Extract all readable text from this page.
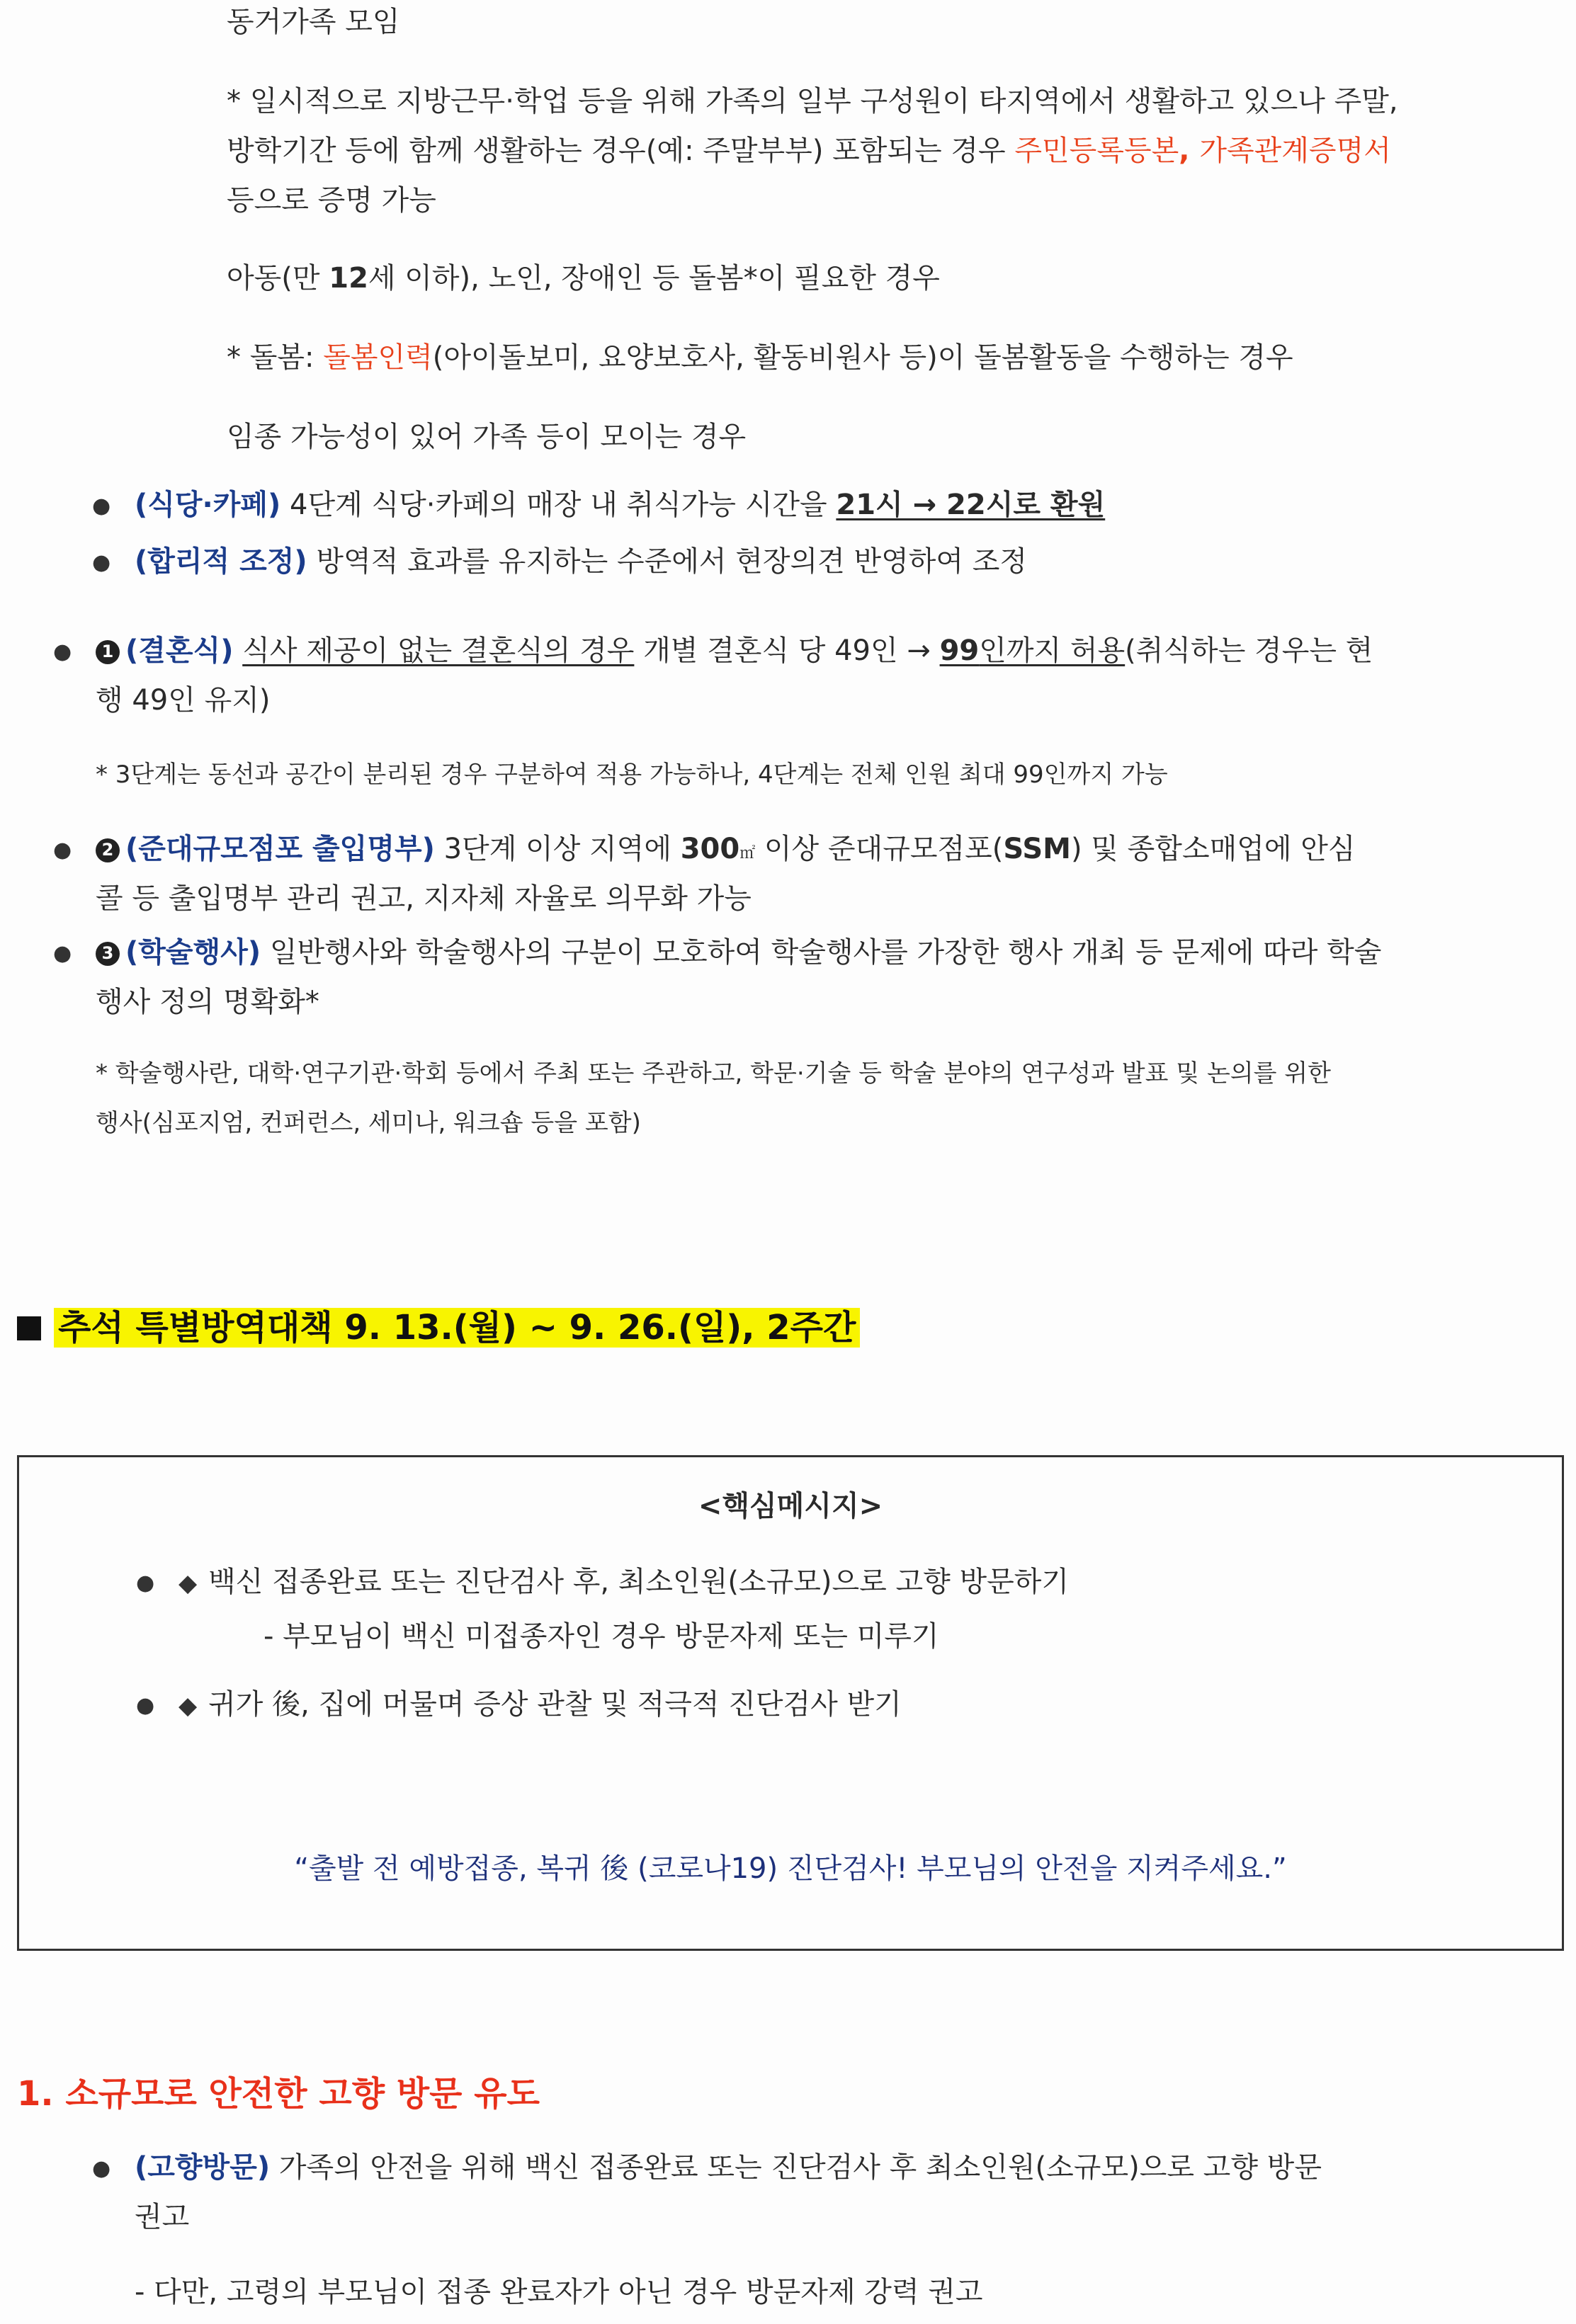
동거가족 모임

* 일시적으로 지방근무·학업 등을 위해 가족의 일부 구성원이 타지역에서 생활하고 있으나 주말,

방학기간 등에 함께 생활하는 경우(예: 주말부부) 포함되는 경우 주민등록등본, 가족관계증명서

등으로 증명 가능

아동(만 12세 이하), 노인, 장애인 등 돌봄*이 필요한 경우

* 돌봄: 돌봄인력(아이돌보미, 요양보호사, 활동비원사 등)이 돌봄활동을 수행하는 경우

임종 가능성이 있어 가족 등이 모이는 경우

● (식당·카페) 4단계 식당·카페의 매장 내 취식가능 시간을 21시 → 22시로 환원

● (합리적 조정) 방역적 효과를 유지하는 수준에서 현장의견 반영하여 조정

● 1 (결혼식) 식사 제공이 없는 결혼식의 경우 개별 결혼식 당 49인 → 99인까지 허용(취식하는 경우는 현

행 49인 유지)

* 3단계는 동선과 공간이 분리된 경우 구분하여 적용 가능하나, 4단계는 전체 인원 최대 99인까지 가능

● 2 (준대규모점포 출입명부) 3단계 이상 지역에 300㎡ 이상 준대규모점포(SSM) 및 종합소매업에 안심

콜 등 출입명부 관리 권고, 지자체 자율로 의무화 가능

● 3 (학술행사) 일반행사와 학술행사의 구분이 모호하여 학술행사를 가장한 행사 개최 등 문제에 따라 학술

행사 정의 명확화*

* 학술행사란, 대학·연구기관·학회 등에서 주최 또는 주관하고, 학문·기술 등 학술 분야의 연구성과 발표 및 논의를 위한

행사(심포지엄, 컨퍼런스, 세미나, 워크숍 등을 포함)

추석 특별방역대책 9. 13.(월) ~ 9. 26.(일), 2주간

<핵심메시지>

● ◆ 백신 접종완료 또는 진단검사 후, 최소인원(소규모)으로 고향 방문하기

- 부모님이 백신 미접종자인 경우 방문자제 또는 미루기

● ◆ 귀가 後, 집에 머물며 증상 관찰 및 적극적 진단검사 받기

“출발 전 예방접종, 복귀 後 (코로나19) 진단검사! 부모님의 안전을 지켜주세요.”

1. 소규모로 안전한 고향 방문 유도

● (고향방문) 가족의 안전을 위해 백신 접종완료 또는 진단검사 후 최소인원(소규모)으로 고향 방문

권고

- 다만, 고령의 부모님이 접종 완료자가 아닌 경우 방문자제 강력 권고
